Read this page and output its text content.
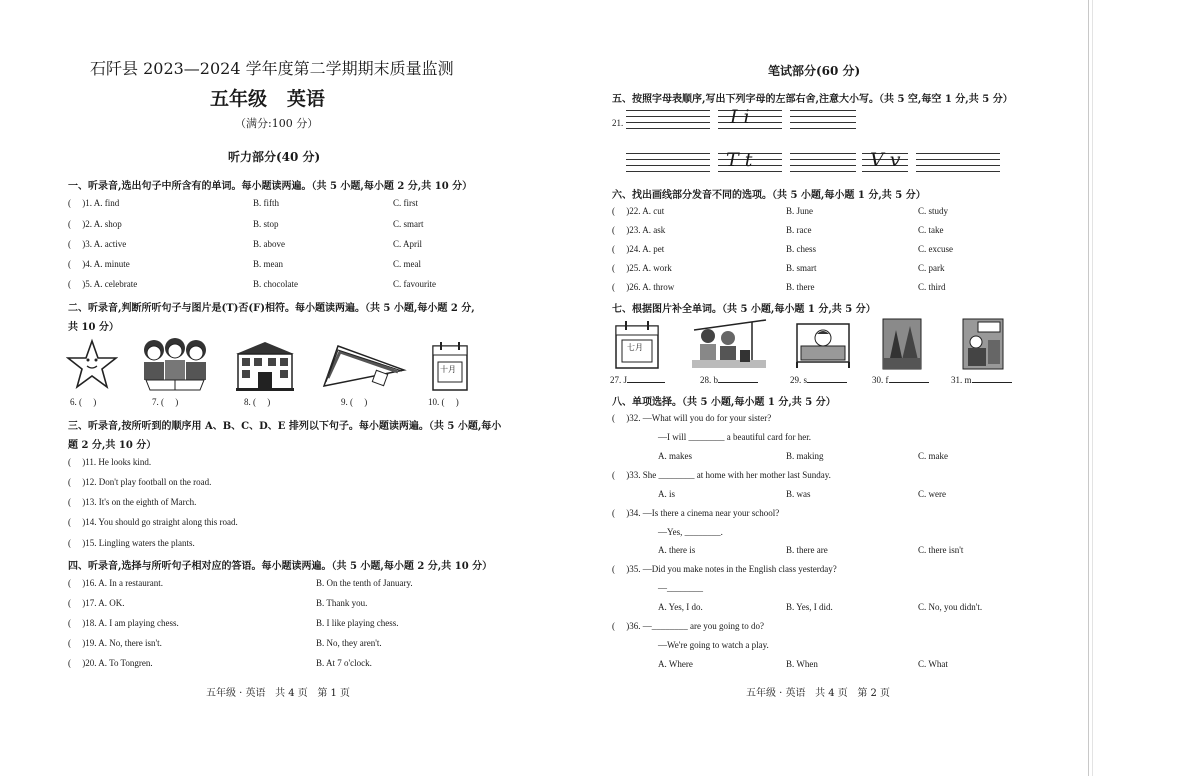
石阡县 2023—2024 学年度第二学期期末质量监测
五年级   英语
（满分:100 分）
听力部分(40 分)
一、听录音,选出句子中所含有的单词。每小题读两遍。（共 5 小题,每小题 2 分,共 10 分）
(     )1. A. find	B. fifth	C. first
(     )2. A. shop	B. stop	C. smart
(     )3. A. active	B. above	C. April
(     )4. A. minute	B. mean	C. meal
(     )5. A. celebrate	B. chocolate	C. favourite
二、听录音,判断所听句子与图片是(T)否(F)相符。每小题读两遍。（共 5 小题,每小题 2 分,
共 10 分）
十月
6. (     )	7. (     )	8. (     )	9. (     )	10. (     )
三、听录音,按所听到的顺序用 A、B、C、D、E 排列以下句子。每小题读两遍。（共 5 小题,每小
题 2 分,共 10 分）
(     )11. He looks kind.
(     )12. Don't play football on the road.
(     )13. It's on the eighth of March.
(     )14. You should go straight along this road.
(     )15. Lingling waters the plants.
四、听录音,选择与所听句子相对应的答语。每小题读两遍。（共 5 小题,每小题 2 分,共 10 分）
(     )16. A. In a restaurant.	B. On the tenth of January.
(     )17. A. OK.	B. Thank you.
(     )18. A. I am playing chess.	B. I like playing chess.
(     )19. A. No, there isn't.	B. No, they aren't.
(     )20. A. To Tongren.	B. At 7 o'clock.
五年级 · 英语   共 4 页   第 1 页
笔试部分(60 分)
五、按照字母表顺序,写出下列字母的左部右舍,注意大小写。（共 5 空,每空 1 分,共 5 分）
21.	I i
T t	V v
六、找出画线部分发音不同的选项。（共 5 小题,每小题 1 分,共 5 分）
(     )22. A. cut	B. June	C. study
(     )23. A. ask	B. race	C. take
(     )24. A. pet	B. chess	C. excuse
(     )25. A. work	B. smart	C. park
(     )26. A. throw	B. there	C. third
七、根据图片补全单词。（共 5 小题,每小题 1 分,共 5 分）
七月
27. J	28. b	29. s	30. f	31. m
八、单项选择。（共 5 小题,每小题 1 分,共 5 分）
(     )32. —What will you do for your sister?
—I will ________ a beautiful card for her.
A. makes	B. making	C. make
(     )33. She ________ at home with her mother last Sunday.
A. is	B. was	C. were
(     )34. —Is there a cinema near your school?
—Yes, ________.
A. there is	B. there are	C. there isn't
(     )35. —Did you make notes in the English class yesterday?
—________
A. Yes, I do.	B. Yes, I did.	C. No, you didn't.
(     )36. —________ are you going to do?
—We're going to watch a play.
A. Where	B. When	C. What
五年级 · 英语   共 4 页   第 2 页
